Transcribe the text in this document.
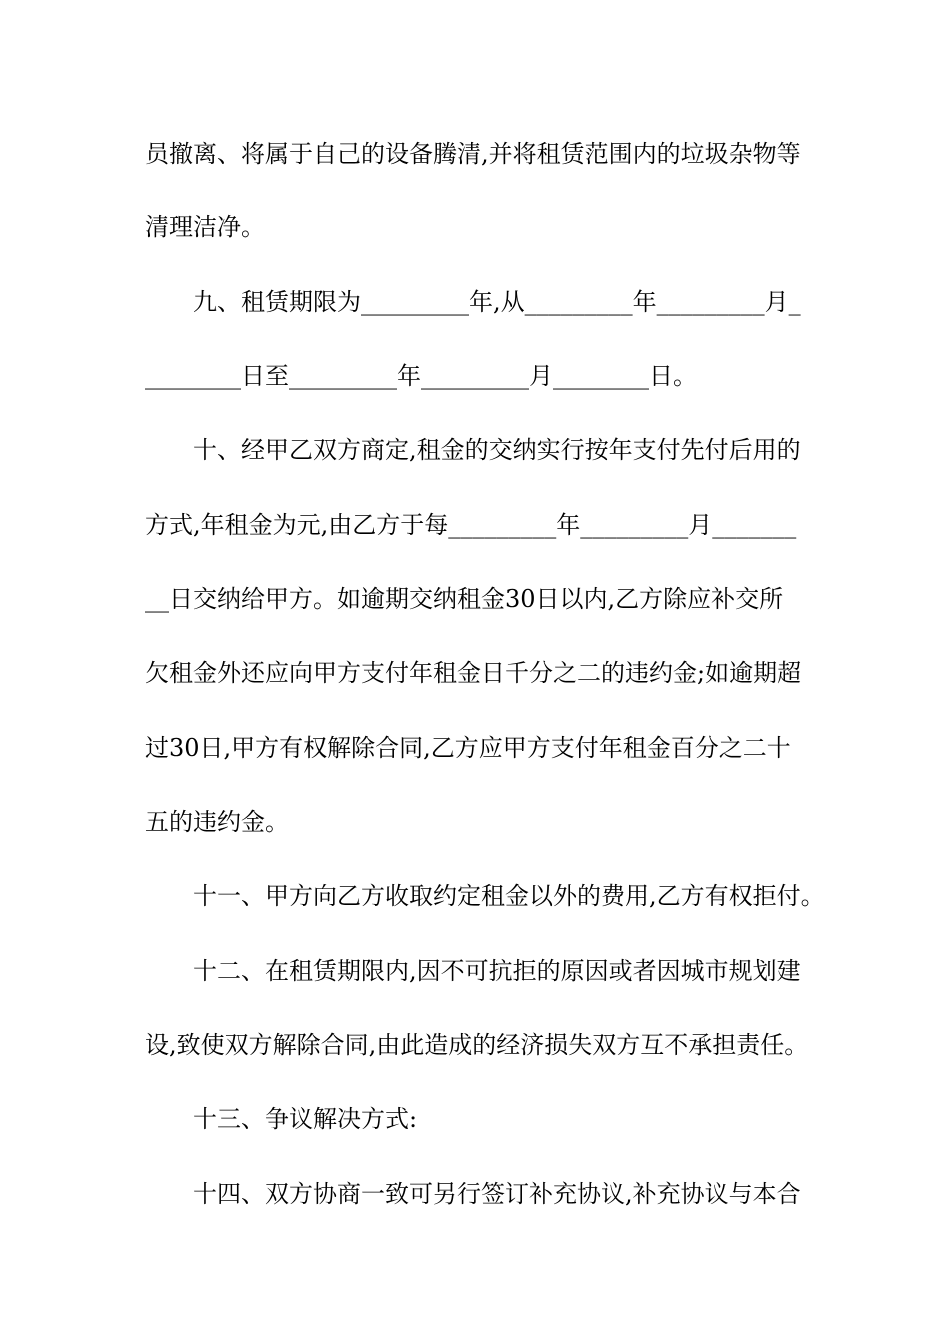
员撤离、将属于自己的设备腾清,并将租赁范围内的垃圾杂物等
清理洁净。
九、租赁期限为_________年,从_________年_________月_
________日至_________年_________月________日。
十、经甲乙双方商定,租金的交纳实行按年支付先付后用的
方式,年租金为元,由乙方于每_________年_________月_______
__日交纳给甲方。如逾期交纳租金30日以内,乙方除应补交所
欠租金外还应向甲方支付年租金日千分之二的违约金;如逾期超
过30日,甲方有权解除合同,乙方应甲方支付年租金百分之二十
五的违约金。
十一、甲方向乙方收取约定租金以外的费用,乙方有权拒付。
十二、在租赁期限内,因不可抗拒的原因或者因城市规划建
设,致使双方解除合同,由此造成的经济损失双方互不承担责任。
十三、争议解决方式:
十四、双方协商一致可另行签订补充协议,补充协议与本合
